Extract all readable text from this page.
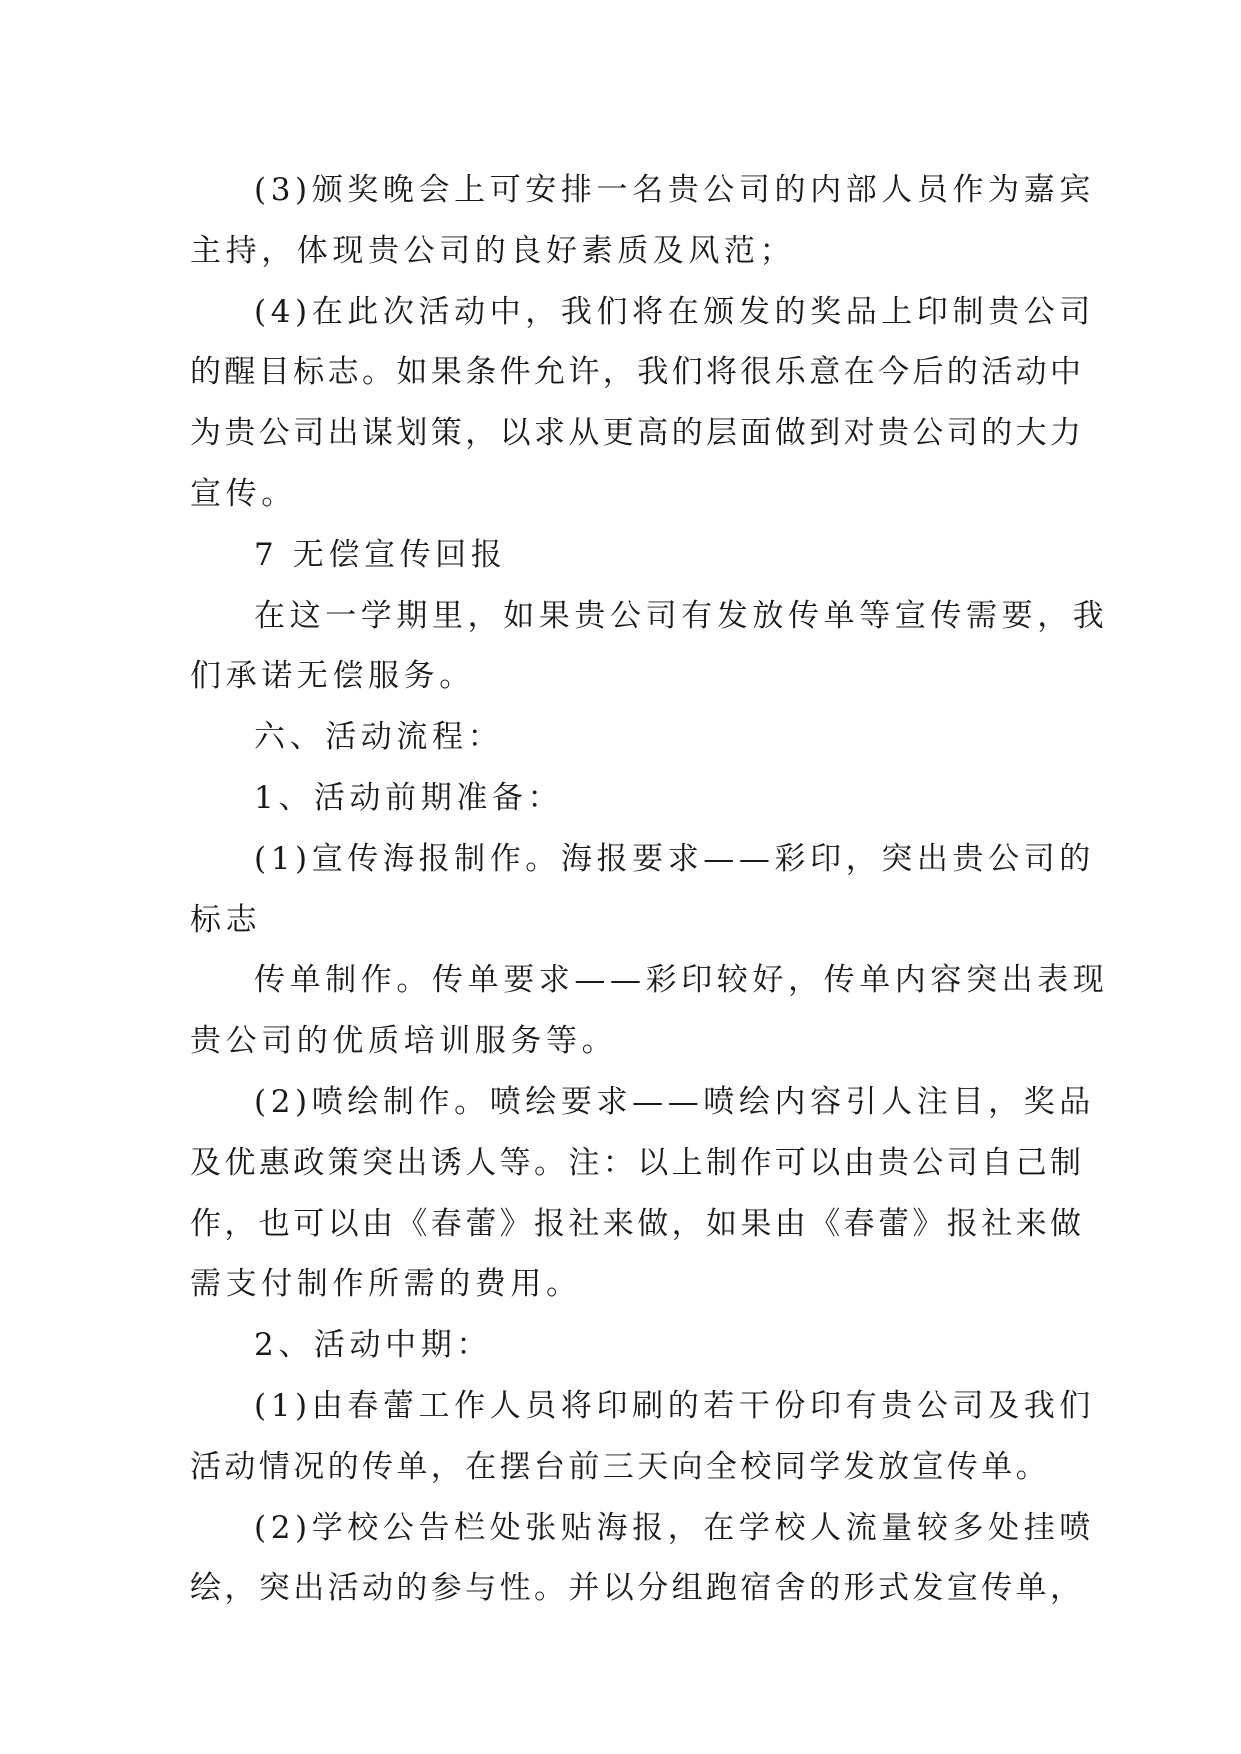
(3)颁奖晚会上可安排一名贵公司的内部人员作为嘉宾
主持，体现贵公司的良好素质及风范；
(4)在此次活动中，我们将在颁发的奖品上印制贵公司
的醒目标志。如果条件允许，我们将很乐意在今后的活动中
为贵公司出谋划策，以求从更高的层面做到对贵公司的大力
宣传。
7 无偿宣传回报
在这一学期里，如果贵公司有发放传单等宣传需要，我
们承诺无偿服务。
六、活动流程：
1、活动前期准备：
(1)宣传海报制作。海报要求——彩印，突出贵公司的
标志
传单制作。传单要求——彩印较好，传单内容突出表现
贵公司的优质培训服务等。
(2)喷绘制作。喷绘要求——喷绘内容引人注目，奖品
及优惠政策突出诱人等。注：以上制作可以由贵公司自己制
作，也可以由《春蕾》报社来做，如果由《春蕾》报社来做
需支付制作所需的费用。
2、活动中期：
(1)由春蕾工作人员将印刷的若干份印有贵公司及我们
活动情况的传单，在摆台前三天向全校同学发放宣传单。
(2)学校公告栏处张贴海报，在学校人流量较多处挂喷
绘，突出活动的参与性。并以分组跑宿舍的形式发宣传单，
